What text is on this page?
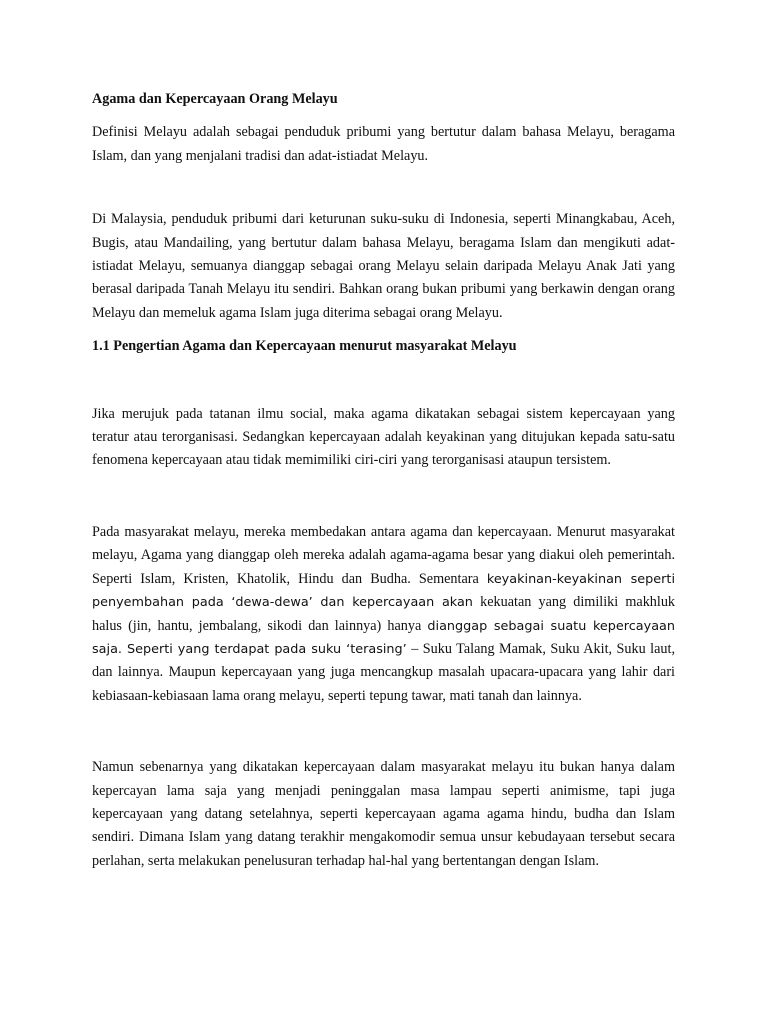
Agama dan Kepercayaan Orang Melayu

Definisi Melayu adalah sebagai penduduk pribumi yang bertutur dalam bahasa Melayu, beragama Islam, dan yang menjalani tradisi dan adat-istiadat Melayu.

Di Malaysia, penduduk pribumi dari keturunan suku-suku di Indonesia, seperti Minangkabau, Aceh, Bugis, atau Mandailing, yang bertutur dalam bahasa Melayu, beragama Islam dan mengikuti adat-istiadat Melayu, semuanya dianggap sebagai orang Melayu selain daripada Melayu Anak Jati yang berasal daripada Tanah Melayu itu sendiri. Bahkan orang bukan pribumi yang berkawin dengan orang Melayu dan memeluk agama Islam juga diterima sebagai orang Melayu.

1.1 Pengertian Agama dan Kepercayaan menurut masyarakat Melayu

Jika merujuk pada tatanan ilmu social, maka agama dikatakan sebagai sistem kepercayaan yang teratur atau terorganisasi. Sedangkan kepercayaan adalah keyakinan yang ditujukan kepada satu-satu fenomena kepercayaan atau tidak memimiliki ciri-ciri yang terorganisasi ataupun tersistem.

Pada masyarakat melayu, mereka membedakan antara agama dan kepercayaan. Menurut masyarakat melayu, Agama yang dianggap oleh mereka adalah agama-agama besar yang diakui oleh pemerintah. Seperti Islam, Kristen, Khatolik, Hindu dan Budha. Sementara keyakinan-keyakinan seperti penyembahan pada ‘dewa-dewa’ dan kepercayaan akan kekuatan yang dimiliki makhluk halus (jin, hantu, jembalang, sikodi dan lainnya) hanya dianggap sebagai suatu kepercayaan saja. Seperti yang terdapat pada suku ‘terasing’ – Suku Talang Mamak, Suku Akit, Suku laut, dan lainnya. Maupun kepercayaan yang juga mencangkup masalah upacara-upacara yang lahir dari kebiasaan-kebiasaan lama orang melayu, seperti tepung tawar, mati tanah dan lainnya.

Namun sebenarnya yang dikatakan kepercayaan dalam masyarakat melayu itu bukan hanya dalam kepercayan lama saja yang menjadi peninggalan masa lampau seperti animisme, tapi juga kepercayaan yang datang setelahnya, seperti kepercayaan agama agama hindu, budha dan Islam sendiri. Dimana Islam yang datang terakhir mengakomodir semua unsur kebudayaan tersebut secara perlahan, serta melakukan penelusuran terhadap hal-hal yang bertentangan dengan Islam.
